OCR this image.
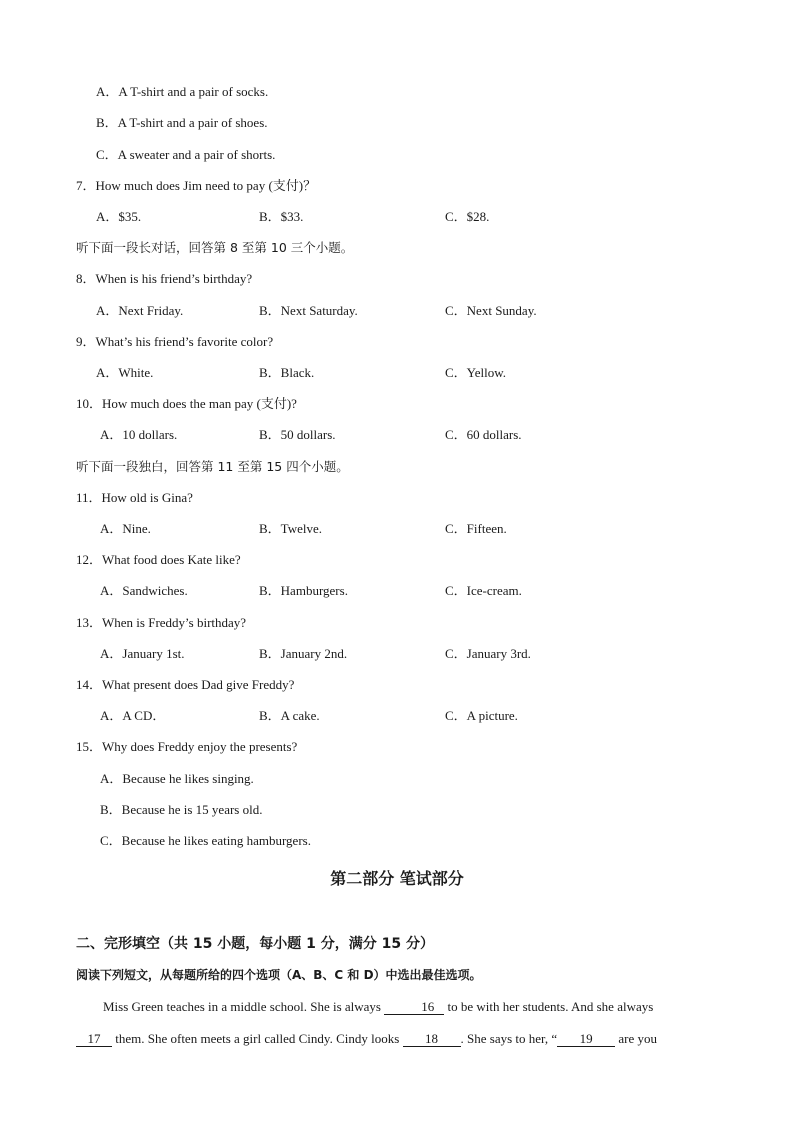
A．A T-shirt and a pair of socks.
B．A T-shirt and a pair of shoes.
C．A sweater and a pair of shorts.
7．How much does Jim need to pay (支付)？
A．$35.	B．$33.	C．$28.
听下面一段长对话，回答第 8 至第 10 三个小题。
8．When is his friend’s birthday?
A．Next Friday.	B．Next Saturday.	C．Next Sunday.
9．What’s his friend’s favorite color?
A．White.	B．Black.	C．Yellow.
10．How much does the man pay (支付)?
A．10 dollars.	B．50 dollars.	C．60 dollars.
听下面一段独白，回答第 11 至第 15 四个小题。
11．How old is Gina?
A．Nine.	B．Twelve.	C．Fifteen.
12．What food does Kate like?
A．Sandwiches.	B．Hamburgers.	C．Ice-cream.
13．When is Freddy’s birthday?
A．January 1st.	B．January 2nd.	C．January 3rd.
14．What present does Dad give Freddy?
A．A CD．	B．A cake.	C．A picture.
15．Why does Freddy enjoy the presents?
A．Because he likes singing.
B．Because he is 15 years old.
C．Because he likes eating hamburgers.
第二部分 笔试部分
二、完形填空（共 15 小题，每小题 1 分，满分 15 分）
阅读下列短文，从每题所给的四个选项（A、B、C 和 D）中选出最佳选项。
Miss Green teaches in a middle school. She is always	16 to be with her students. And she always
17 them. She often meets a girl called Cindy. Cindy looks 18 . She says to her, “ 19 are you
